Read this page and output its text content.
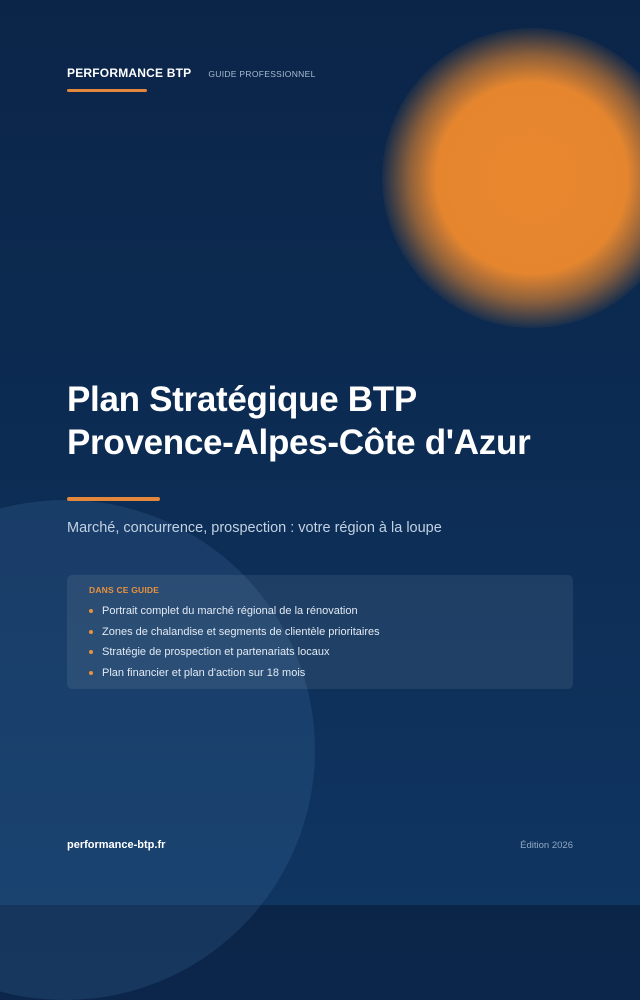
PERFORMANCE BTP GUIDE PROFESSIONNEL
Plan Stratégique BTP
Provence-Alpes-Côte d'Azur
Marché, concurrence, prospection : votre région à la loupe
DANS CE GUIDE
Portrait complet du marché régional de la rénovation
Zones de chalandise et segments de clientèle prioritaires
Stratégie de prospection et partenariats locaux
Plan financier et plan d'action sur 18 mois
performance-btp.fr	Édition 2026
